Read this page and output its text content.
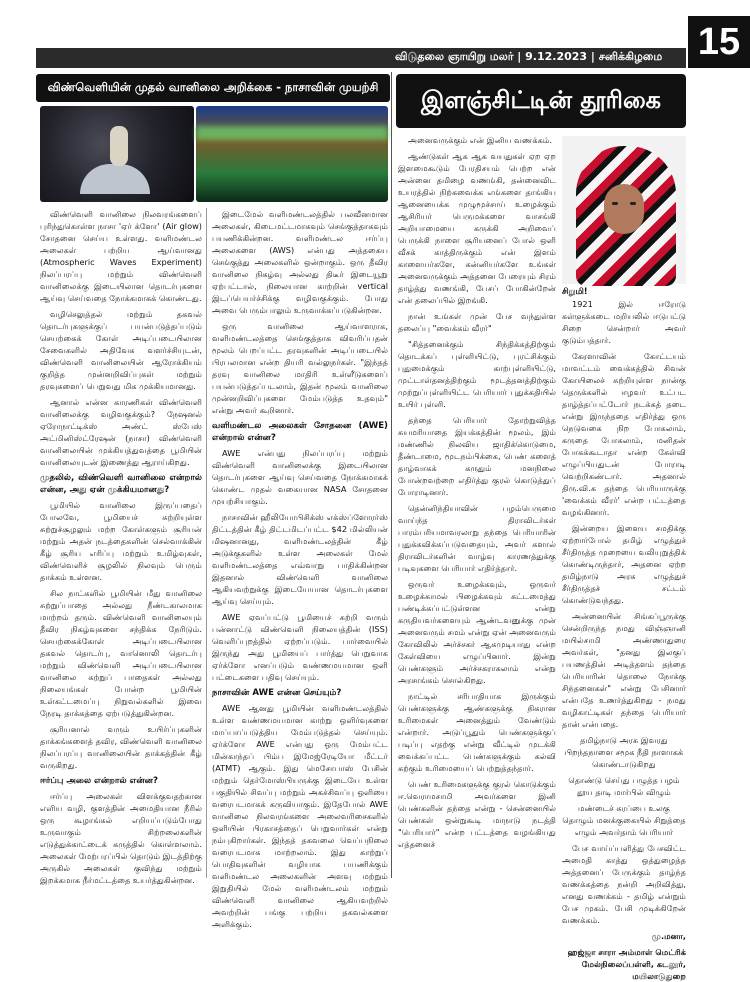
15
விடுதலை ஞாயிறு மலர் | 9.12.2023 | சனிக்கிழமை
விண்வெளியின் முதல் வானிலை அறிக்கை - நாசாவின் முயற்சி

விண்வெளி வானிலை நிலவரங்களைப் புரிந்துகொள்ள நாசா 'ஏர் க்ளோ' (Air glow) சோதனை செய்ய உள்ளது. வளிமண்டல அலைகள் பற்றிய ஆய்வானது (Atmospheric Waves Experiment) நிலப்பரப்பு மற்றும் விண்வெளி வானிலைக்கு இடையிலான தொடர்புகளை ஆய்வு செய்வதை நோக்கமாகக் கொண்டது.

வழிசெலுத்தல் மற்றும் தகவல் தொடர்புகளுக்குப் பயன்படுத்தப்படும் செயற்கைக் கோள் அடிப்படையிலான சேவைகளில் அதிவேக வளர்ச்சியுடன், விண்வெளி வானிலையின் ஆரோக்கியம் குறித்த முன்னறிவிப்புகள் மற்றும் தரவுகளைப் பெறுவது மிக முக்கியமானது.

ஆனால் என்ன காரணிகள் விண்வெளி வானிலைக்கு வழிவகுக்கும்? நேஷனல் ஏரோநாட்டிக்ஸ் அண்ட் ஸ்பேஸ் அட்மினிஸ்ட்ரேஷன் (நாசா) விண்வெளி வானிலையின் முக்கியத்துவத்தை பூமியின் வானிலையுடன் இணைத்து ஆராய்கிறது.

முதலில், விண்வெளி வானிலை என்றால் என்ன, அது ஏன் முக்கியமானது?

பூமியில் வானிலை இருப்பதைப் போலவே, பூமியைச் சுற்றியுள்ள சுற்றுச்சூழலும் மற்ற கோள்களும் சூரியன் மற்றும் அதன் நடத்தைகளின் செல்வாக்கின் கீழ் சூரிய எரிப்பு மற்றும் உமிழ்வுகள், விண்வெளிச் சூழலில் நிலவும் பெரும் தாக்கம் உள்ளன.

சில நாட்களில் பூமியின் மீது வானிலை சுற்றுப்பாதை அல்லது நீண்டகாலமாக மாற்றம் தரும். விண்வெளி வானிலையும் தீவிர நிகழ்வுகளை சந்திக்க நேரிடும். செயற்கைக்கோள் அடிப்படையிலான தகவல் தொடர்பு, வானொலி தொடர்பு மற்றும் விண்வெளி அடிப்படையிலான வானிலை சுற்றுப் பாதைகள் அல்லது நிலையங்கள் போன்ற பூமியின் உள்கட்டமைப்பு நிறுவல்களில் இவை நேரடி தாக்கத்தை ஏற்படுத்துகின்றன.

சூரியனால் வரும் உயிர்ப்புகளின் தாக்கங்களைத் தவிர, விண்வெளி வானிலை நிலப்பரப்பு வானிலையின் தாக்கத்தின் கீழ் வருகிறது.

ஈர்ப்பு அலை என்றால் என்ன?

ஈர்ப்பு அலைகள் விளக்குவதற்கான எளிய வழி, குளத்தின் அமைதியான நீரில் ஒரு கூழாங்கல் எறியப்படும்போது உருவாகும் சிற்றலைகளின் எடுத்துக்காட்டைக் கருத்தில் கொள்ளலாம். அலைகள் மேற்பரப்பில் தொடும் இடத்திற்கு அருகில் அலைகள் குவிந்து மற்றும் இறக்கமாக நீர்மட்டத்தை உயர்த்துகின்றன.

இடைமேல் வளிமண்டலத்தில் பலவீனமான அலைகள், கிடைமட்டமாகவும் செங்குத்தாகவும் பயணிக்கின்றன. வளிமண்டல ஈர்ப்பு அலைகளை (AWS) என்பது அத்தகைய செங்குத்து அலைகளில் ஒன்றாகும். ஒரு தீவிர வானிலை நிகழ்வு அல்லது திடீர் இடையூறு ஏற்பட்டால், நிலையான காற்றின் vertical இடப்பெயர்ச்சிக்கு வழிவகுக்கும். போது அவை பெரும்பாலும் உருவாக்கப்படுகின்றன.

ஒரு வானிலை ஆய்வாளராக, வளிமண்டலத்தை செங்குத்தாக விவரிப்பதன் மூலம் பெறப்பட்ட தரவுகளின் அடிப்படையில் பிரபலமான என்ற தியரி வல்லுநர்கள். "இந்தத் தரவு வானிலை மாதிரி உள்ளீடுகளைப் பயன்படுத்தப்படலாம், இதன் மூலம் வானிலை முன்னறிவிப்புகளை மேம்படுத்த உதவும்" என்று அவர் கூறினார்.

வளிமண்டல அலைகள் சோதனை (AWE) என்றால் என்ன?

AWE என்பது நிலப்பரப்பு மற்றும் விண்வெளி வானிலைக்கு இடையிலான தொடர்புகளை ஆய்வு செய்வதை நோக்கமாகக் கொண்ட முதல் வகையான NASA சோதனை முயற்சியாகும்.

நாசாவின் ஹீலியோபிசிக்ஸ் எக்ஸ்ப்ளோரர்ஸ் திட்டத்தின் கீழ் திட்டமிடப்பட்ட $42 மில்லியன் மிஷனானது, வளிமண்டலத்தின் கீழ் அடுக்குகளில் உள்ள அலைகள் மேல் வளிமண்டலத்தை எவ்வாறு பாதிக்கின்றன இதனால் விண்வெளி வானிலை ஆகியவற்றுக்கு இடையேயான தொடர்புகளை ஆய்வு செய்யும்.

AWE ஏவப்பட்டு பூமியைச் சுற்றி வரும் பன்னாட்டு விண்வெளி நிலையத்தின் (ISS) வெளிப்புறத்தில் ஏற்றப்படும். பார்வையில் இருந்து அது பூமியைப் பார்த்து பெறுவாக ஏர்க்ளோ எனப்படும் வண்ணமயமான ஒளி பட்டைகளை பதிவு செய்யும்.

நாசாவின் AWE என்ன செய்யும்?

AWE ஆனது பூமியின் வளிமண்டலத்தில் உள்ள வண்ணமயமான காற்று ஒளிர்வுகளை மாப்பாப்படுத்திய மேம்படுத்தல் செய்யும். ஏர்க்ளோ AWE என்பது ஒரு மேம்பட்ட மின்காந்தப் பிம்ப இமேஜ்ரேடியோ மீட்டர் (ATMT) ஆகும். இது மெசோபாஸ் பேசின் மற்றும் தெர்மோஸ்பியருக்கு இடையே உள்ள பகுதியில் சிவப்பு மற்றும் அகச்சிவப்பு ஒளியை வரைபடமாகக் கருவியாகும். இதேபோல் AWE வானிலை நிலவரங்களை அலைவரிசைகளில் ஒளியின் பிரகாசத்தைப் பெறுவார்கள் என்று நம்புகிறார்கள். இந்தத் தகவலை வெப்பநிலை வரைபடமாக மாற்றலாம். இது காற்றுப் பொதிவுகளின் வழியாக பயணிக்கும் வளிமண்டல அலைகளின் அளவு மற்றும் இறுதியில் மேல் வளிமண்டலம் மற்றும் விண்வெளி வானிலை ஆகியவற்றில் அவற்றின் பங்கு பற்றிய தகவல்களை அளிக்கும்.

இளஞ்சிட்டின் தூரிகை
சிறுமி!

அனைவருக்கும் என் இனிய வணக்கம்.

ஆண்டுகள் ஆக ஆக வயதுகள் ஏற ஏற இளமைகூடும் பேரதிசயம் பெற்ற என் அன்னை தமிழை வணங்கி, தன்னைவிட உயரத்தில் நிற்கவைக்க எங்களை தாங்கிய ஆனையைக்க முழுமூச்சாய் உழைக்கும் ஆசிரியர் பெருமக்களை வாசங்கி அறியாமையை கருக்கி அறிவைப் பெருக்கி நாளை சூரியனைப் போல் ஒளி வீசக் காத்திருக்கும் என் இளம் காளையர்களே, கன்னியர்களே உங்கள் அனைவருக்கும் அத்தனை பேரையும் சிரம் தாழ்த்து வணங்கி, பேசப் போகின்றேன் என் தலைப்பில் இறங்கி.

நான் உங்கள் முன் பேச வந்துள்ள தலைப்பு "வைக்கம் வீரர்"

"சித்தனைக்கும் சிந்திக்கத்திற்கும் தொடக்கப் புள்ளியிட்டு, புரட்சிக்கும் புதுமைக்கும் காற்புள்ளியிட்டு, முட்டாள்தனத்திற்கும் மூடத்தனத்திற்கும் முற்றுப்புள்ளியிட்ட பெரியார் புதுக்கதியில் உயிர் புள்ளி.

தந்தை பெரியார் தோற்றுவித்த சுயமரியாதை இயக்கத்தின் மூலம், இம் மண்ணில் நிலவிய ஜாதிக்கொடுமை, தீண்டாமை, மூடநம்பிக்கை, பெண் களைத் தாழ்வாகக் கருதும் மனநிலை போன்றவற்றை எதிர்த்து குரல் கொடுத்துப் போராடினார்.

தென்னிந்தியாவின் பழம்பெருமை வாய்ந்த திராவிடர்கள் பாரம்பரியமாவரலாறு தந்தை பெரியாரின் புதுக்கவிக்கப்படுவதையும், அவர் களால் திராவிடர்களின் வாழ்வு காரணத்துக்கு படிவுகளை பெரியார் எதிர்த்தார்.

ஒருவர் உழைக்கவும், ஒருவர் உழைக்காமல் பிழைக்கவும் கட்டமைத்து பண்டிக்கப்பட்டுள்ளன என்று கருதியவர்களையும் ஆண்டவனுக்கு முன் அனைவரும் சமம் என்று ஏன் அனைவரும் கோவிலில் அர்ச்சகர் ஆகமுடியாது என்ற கேள்வியை எழுப்பினார். இன்று பெண்களும் அர்ச்சகராகலாம் என்று அரசாங்கம் சொல்கிறது.

நாட்டில் சரிபாதியாக இருக்கும் பெண்களுக்கு ஆண்களுக்கு நிகரான உரிமைகள் அனைத்தும் வேண்டும் என்றார். அடுப்பூதும் பெண்களுக்குப் படிப்பு எதற்கு என்று வீட்டில் முடக்கி வைக்கப்பட்ட பெண்களுக்கும் கல்வி கற்கும் உரிமையைப் பெற்றுத்தந்தார்.

பெண் உரிமைகளுக்கு குரல் கொடுக்கும் ஈ.வெராமசாமி அவர்களை இனி பெண்களின் தந்தை என்று - சென்னையில் பெண்கள் ஒன்றுகூடி மாநாடு நடத்தி "பெரியார்" என்ற பட்டத்தை வழங்கியது எத்தனைச்

1921 இல் ஈரோடு கள்ளுக்கடை மறியலில் ஈடுபட்டு சிறை சென்றார் அவர் குடும்பத்தார்.

கேரளாவின் கோட்டயம் மாவட்டம் வைக்கத்தில் சிவன் கோயிலைச் சுற்றியுள்ள நான்கு தெருக்களில் ஈழவர் உட்பட தாழ்த்தப்பட்டோர் நடக்கத் தடை என்று இருந்ததை எதிர்த்து ஒரு நெடுவகை நிற போகலாம், கருதை போகலாம், மனிதன் போகக்கூடாதா என்ற கேள்வி எழுப்பியதுடன் போராடி வெற்றிகண்டார். அதனால் திரு.வி.க தந்தை பெரியாருக்கு 'வைக்கம் வீரர்' என்ற பட்டத்தை வழங்கினார்.

இன்றைய இளைய சமதிக்கு ஏற்றார்போல் தமிழ் எழுத்துச் சீர்திருத்த முறையை வலியுறுத்திக் கொண்டிருந்தார், அதனை ஏற்ற தமிழ்நாடு அரசு எழுத்துச் சீர்திருத்தச் சட்டம் கொண்டுவந்தது.

அன்னையின் சிங்கப்பூருக்கு சென்றிருந்த நமது விஞ்ஞானி மயில்சாமி அண்ணாதுரை அவர்கள், "தனது இலகுப் பயணத்தின் அடித்தளம் தந்தை பெரியாரின் தொலை நோக்கு சிந்தனைகள்" என்று பேசினார் என்பதே உணர்த்துகிறது - நமது வழிகாட்டிகள் தந்தை பெரியார் தான் என்பதை.

தமிழ்நாடு அரசு இவரது பிறந்தநாளை சமூக நீதி நாளாகக் கொண்டாடுகிறது

தொண்டு செய்து பழுத்த பழம் தூய தாடி மார்பில் விழும்

மண்டைச் சுரப்பை உலகு தொழும் மனக்குகையில் சிறுத்தை எழும் அவர்தாம் பெரியார்

பேச வாய்ப்பளித்து பேசவிட்ட அமைதி காத்து ஒத்துழைத்த அத்தனைப் பேருக்கும் தாழ்ந்த வணக்கத்தை நன்றி அறிவித்து, எனது வணக்கம் - தமிழ் என்றும் பேச முகம். பேசி முடிக்கிறேன் வணக்கம்.

மு.மனா,

ஹஜ்ஜா சாரா அம்மாள் மெட்ரிக் மேல்நிலைப்பள்ளி, கடலூர், மயிலாடுதுறை
